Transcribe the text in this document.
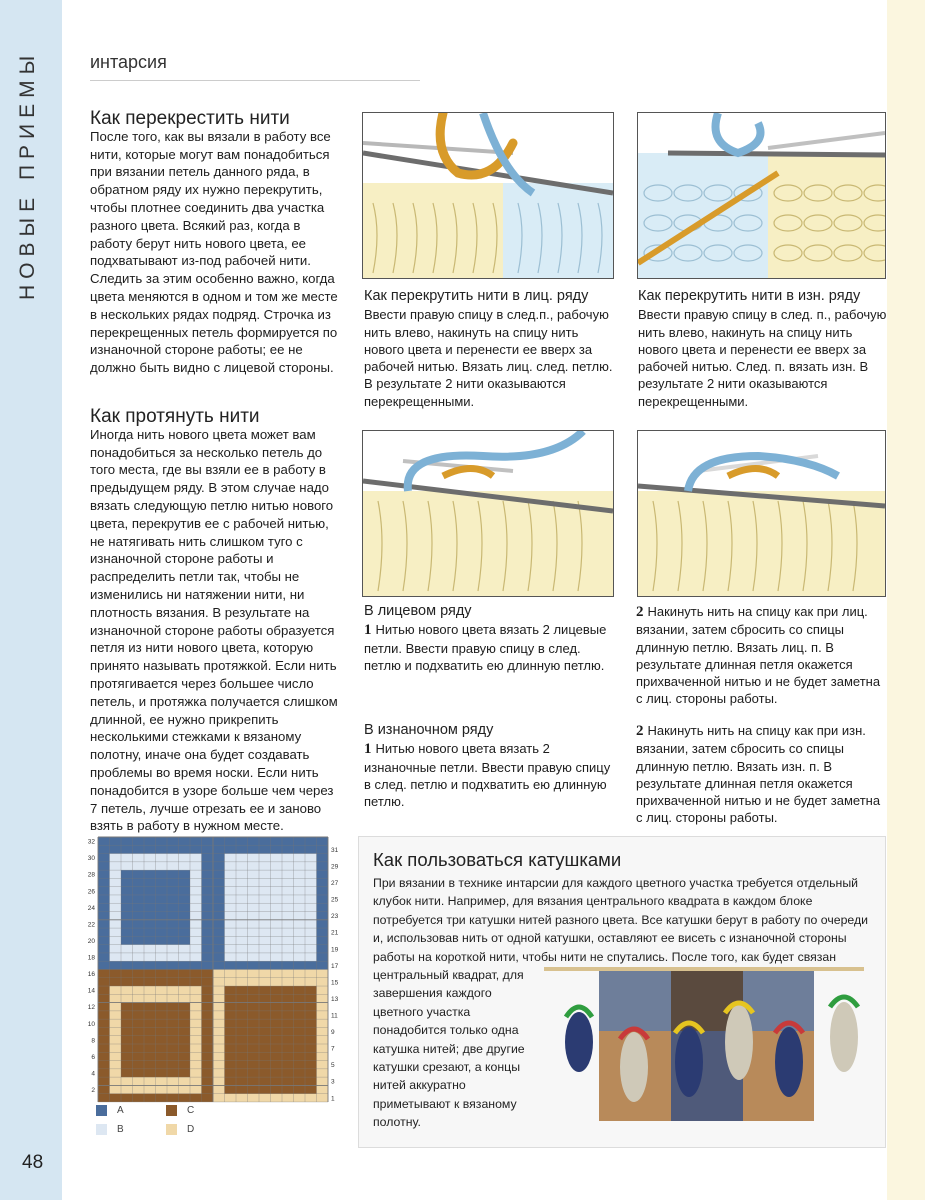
интарсия
Как перекрестить нити

После того, как вы вязали в работу все нити, которые могут вам понадобиться при вязании петель данного ряда, в обратном ряду их нужно перекрутить, чтобы плотнее соединить два участка разного цвета. Всякий раз, когда в работу берут нить нового цвета, ее подхватывают из-под рабочей нити. Следить за этим особенно важно, когда цвета меняются в одном и том же месте в нескольких рядах подряд. Строчка из перекрещенных петель формируется по изнаночной стороне работы; ее не должно быть видно с лицевой стороны.

Как протянуть нити

Иногда нить нового цвета может вам понадобиться за несколько петель до того места, где вы взяли ее в работу в предыдущем ряду. В этом случае надо вязать следующую петлю нитью нового цвета, перекрутив ее с рабочей нитью, не натягивать нить слишком туго с изнаночной стороне работы и распределить петли так, чтобы не изменились ни натяжении нити, ни плотность вязания. В результате на изнаночной стороне работы образуется петля из нити нового цвета, которую принято называть протяжкой. Если нить протягивается через большее число петель, и протяжка получается слишком длинной, ее нужно прикрепить несколькими стежками к вязаному полотну, иначе она будет создавать проблемы во время носки. Если нить понадобится в узоре больше чем через 7 петель, лучше отрезать ее и заново взять в работу в нужном месте.

Как перекрутить нити в лиц. ряду

Ввести правую спицу в след.п., рабочую нить влево, накинуть на спицу нить нового цвета и перенести ее вверх за рабочей нитью. Вязать лиц. след. петлю. В результате 2 нити оказываются перекрещенными.

Как перекрутить нити в изн. ряду

Ввести правую спицу в след. п., рабочую нить влево, накинуть на спицу нить нового цвета и перенести ее вверх за рабочей нитью. След. п. вязать изн. В результате 2 нити оказываются перекрещенными.

В лицевом ряду

1 Нитью нового цвета вязать 2 лицевые петли. Ввести правую спицу в след. петлю и подхватить ею длинную петлю.

2 Накинуть нить на спицу как при лиц. вязании, затем сбросить со спицы длинную петлю. Вязать лиц. п. В результате длинная петля окажется прихваченной нитью и не будет заметна с лиц. стороны работы.

В изнаночном ряду

1 Нитью нового цвета вязать 2 изнаночные петли. Ввести правую спицу в след. петлю и подхватить ею длинную петлю.

2 Накинуть нить на спицу как при изн. вязании, затем сбросить со спицы длинную петлю. Вязать изн. п. В результате длинная петля окажется прихваченной нитью и не будет заметна с лиц. стороны работы.

2
4
6
8
10
12
14
16
18
20
22
24
26
28
30
32
1
3
5
7
9
11
13
15
17
19
21
23
25
27
29
31
A
B
C
D
Как пользоваться катушками
При вязании в технике интарсии для каждого цветного участка требуется отдельный клубок нити. Например, для вязания центрального квадрата в каждом блоке потребуется три катушки нитей разного цвета. Все катушки берут в работу по очереди и, использовав нить от одной катушки, оставляют ее висеть с изнаночной стороны работы на короткой нити, чтобы нити не спутались. После того, как будет связан центральный квадрат, для
завершения каждого цветного участка понадобится только одна катушка нитей; две другие катушки срезают, а концы нитей аккуратно приметывают к вязаному полотну.
48
